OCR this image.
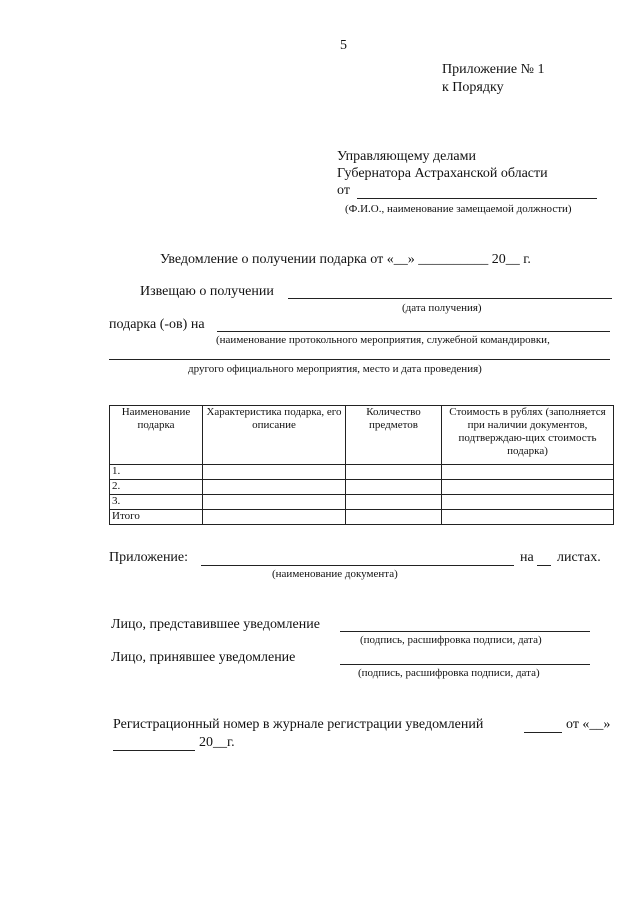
5
Приложение № 1
к Порядку
Управляющему делами
Губернатора Астраханской области
от
(Ф.И.О., наименование замещаемой должности)
Уведомление о получении подарка от «__» __________ 20__ г.
Извещаю о получении
(дата получения)
подарка (-ов) на
(наименование протокольного мероприятия, служебной командировки,
другого официального мероприятия, место и дата проведения)
Наименование подарка	Характеристика подарка, его описание	Количество предметов	Стоимость в рублях (заполняется при наличии документов, подтверждаю-щих стоимость подарка)
1.			
2.			
3.			
Итого			
Приложение:	на листах.
(наименование документа)
Лицо, представившее уведомление
(подпись, расшифровка подписи, дата)
Лицо, принявшее уведомление
(подпись, расшифровка подписи, дата)
Регистрационный номер в журнале регистрации уведомлений	от «__»
20__г.
